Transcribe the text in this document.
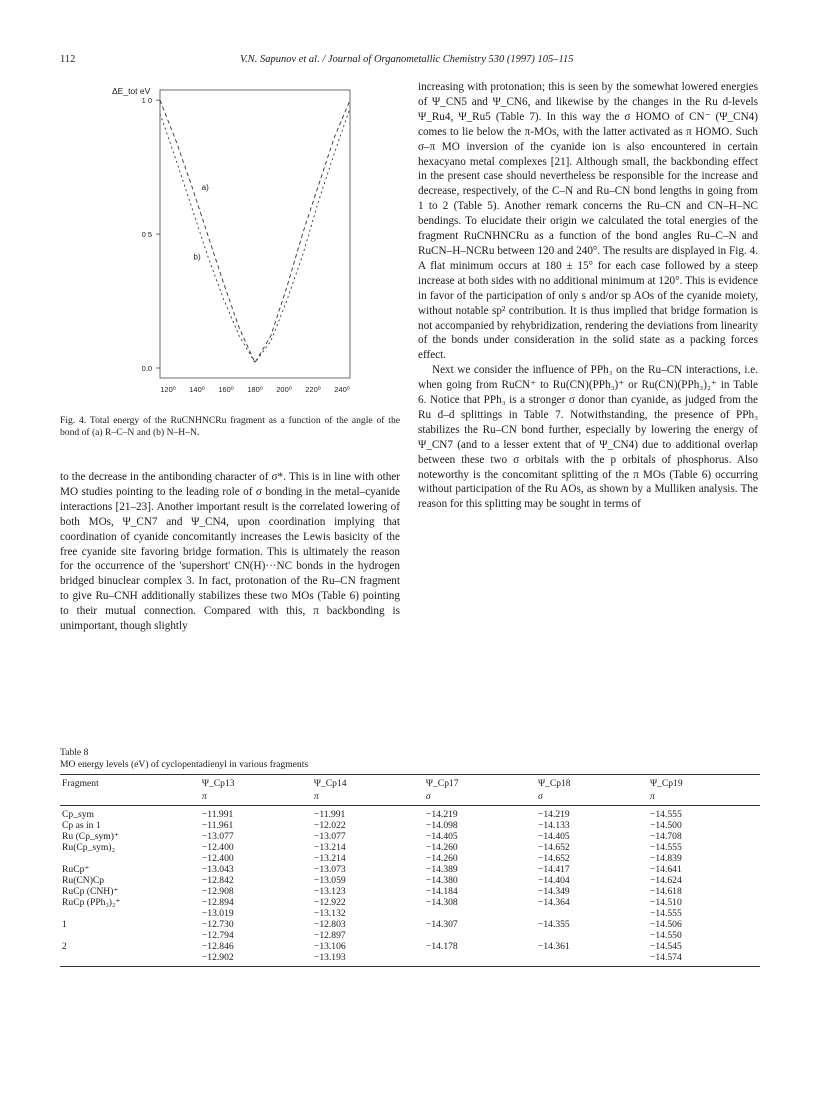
112	V.N. Sapunov et al. / Journal of Organometallic Chemistry 530 (1997) 105–115
1 0
0 5
0.0
120⁰ 140⁰ 160⁰ 180⁰ 200⁰ 220⁰ 240⁰
a)
b)
ΔE_tot eV
Fig. 4. Total energy of the RuCNHNCRu fragment as a function of the angle of the bond of (a) R–C–N and (b) N–H–N.

to the decrease in the antibonding character of σ*. This is in line with other MO studies pointing to the leading role of σ bonding in the metal–cyanide interactions [21–23]. Another important result is the correlated lowering of both MOs, Ψ_CN7 and Ψ_CN4, upon coordination implying that coordination of cyanide concomitantly increases the Lewis basicity of the free cyanide site favoring bridge formation. This is ultimately the reason for the occurrence of the 'supershort' CN(H)···NC bonds in the hydrogen bridged binuclear complex 3. In fact, protonation of the Ru–CN fragment to give Ru–CNH additionally stabilizes these two MOs (Table 6) pointing to their mutual connection. Compared with this, π backbonding is unimportant, though slightly

increasing with protonation; this is seen by the somewhat lowered energies of Ψ_CN5 and Ψ_CN6, and likewise by the changes in the Ru d-levels Ψ_Ru4, Ψ_Ru5 (Table 7). In this way the σ HOMO of CN⁻ (Ψ_CN4) comes to lie below the π-MOs, with the latter activated as π HOMO. Such σ–π MO inversion of the cyanide ion is also encountered in certain hexacyano metal complexes [21]. Although small, the backbonding effect in the present case should nevertheless be responsible for the increase and decrease, respectively, of the C–N and Ru–CN bond lengths in going from 1 to 2 (Table 5). Another remark concerns the Ru–CN and CN–H–NC bendings. To elucidate their origin we calculated the total energies of the fragment RuCNHNCRu as a function of the bond angles Ru–C–N and RuCN–H–NCRu between 120 and 240°. The results are displayed in Fig. 4. A flat minimum occurs at 180 ± 15° for each case followed by a steep increase at both sides with no additional minimum at 120°. This is evidence in favor of the participation of only s and/or sp AOs of the cyanide moiety, without notable sp² contribution. It is thus implied that bridge formation is not accompanied by rehybridization, rendering the deviations from linearity of the bonds under consideration in the solid state as a packing forces effect.

Next we consider the influence of PPh₃ on the Ru–CN interactions, i.e. when going from RuCN⁺ to Ru(CN)(PPh₃)⁺ or Ru(CN)(PPh₃)₂⁺ in Table 6. Notice that PPh₃ is a stronger σ donor than cyanide, as judged from the Ru d–d splittings in Table 7. Notwithstanding, the presence of PPh₃ stabilizes the Ru–CN bond further, especially by lowering the energy of Ψ_CN7 (and to a lesser extent that of Ψ_CN4) due to additional overlap between these two σ orbitals with the p orbitals of phosphorus. Also noteworthy is the concomitant splitting of the π MOs (Table 6) occurring without participation of the Ru AOs, as shown by a Mulliken analysis. The reason for this splitting may be sought in terms of

Table 8
MO energy levels (eV) of cyclopentadienyl in various fragments
Fragment	Ψ_Cp13	Ψ_Cp14	Ψ_Cp17	Ψ_Cp18	Ψ_Cp19
	π	π	σ	σ	π
Cp_sym	−11.991	−11.991	−14.219	−14.219	−14.555
Cp as in 1	−11.961	−12.022	−14.098	−14.133	−14.500
Ru (Cp_sym)⁺	−13.077	−13.077	−14.405	−14.405	−14.708
Ru(Cp_sym)₂	−12.400	−13.214	−14.260	−14.652	−14.555
	−12.400	−13.214	−14.260	−14.652	−14.839
RuCp⁺	−13.043	−13.073	−14.389	−14.417	−14.641
Ru(CN)Cp	−12.842	−13.059	−14.380	−14.404	−14.624
RuCp (CNH)⁺	−12.908	−13.123	−14.184	−14.349	−14.618
RuCp (PPh₃)₂⁺	−12.894	−12.922	−14.308	−14.364	−14.510
	−13.019	−13.132			−14.555
1	−12.730	−12.803	−14.307	−14.355	−14.506
	−12.794	−12.897			−14.550
2	−12.846	−13.106	−14.178	−14.361	−14.545
	−12.902	−13.193			−14.574
